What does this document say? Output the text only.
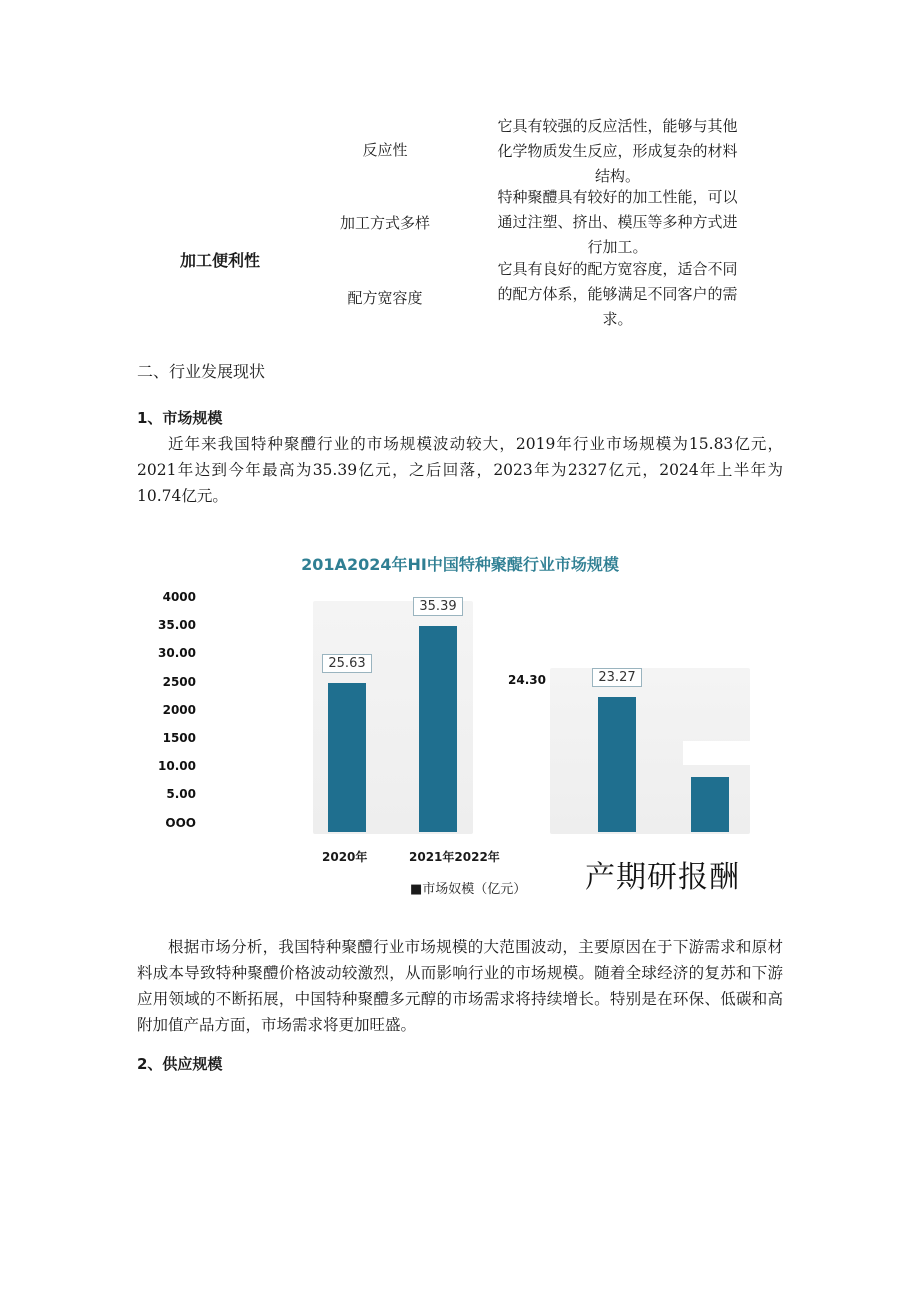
加工便利性
反应性
它具有较强的反应活性，能够与其他
化学物质发生反应，形成复杂的材料
结构。
加工方式多样
特种聚醴具有较好的加工性能，可以
通过注塑、挤出、模压等多种方式进
行加工。
配方宽容度
它具有良好的配方宽容度，适合不同
的配方体系，能够满足不同客户的需
求。
二、行业发展现状
1、市场规模
近年来我国特种聚醴行业的市场规模波动较大，2019年行业市场规模为15.83亿元，2021年达到今年最高为35.39亿元，之后回落，2023年为2327亿元，2024年上半年为10.74亿元。
201A2024年HI中国特种聚醍行业市场规模
4000
35.00
30.00
2500
2000
1500
10.00
5.00
OOO
25.63
35.39
23.27
24.30
2020年	2021年2022年
■市场奴模（亿元） 产期研报酬
根据市场分析，我国特种聚醴行业市场规模的大范围波动，主要原因在于下游需求和原材料成本导致特种聚醴价格波动较激烈，从而影响行业的市场规模。随着全球经济的复苏和下游应用领域的不断拓展，中国特种聚醴多元醇的市场需求将持续增长。特别是在环保、低碳和高附加值产品方面，市场需求将更加旺盛。
2、供应规模
